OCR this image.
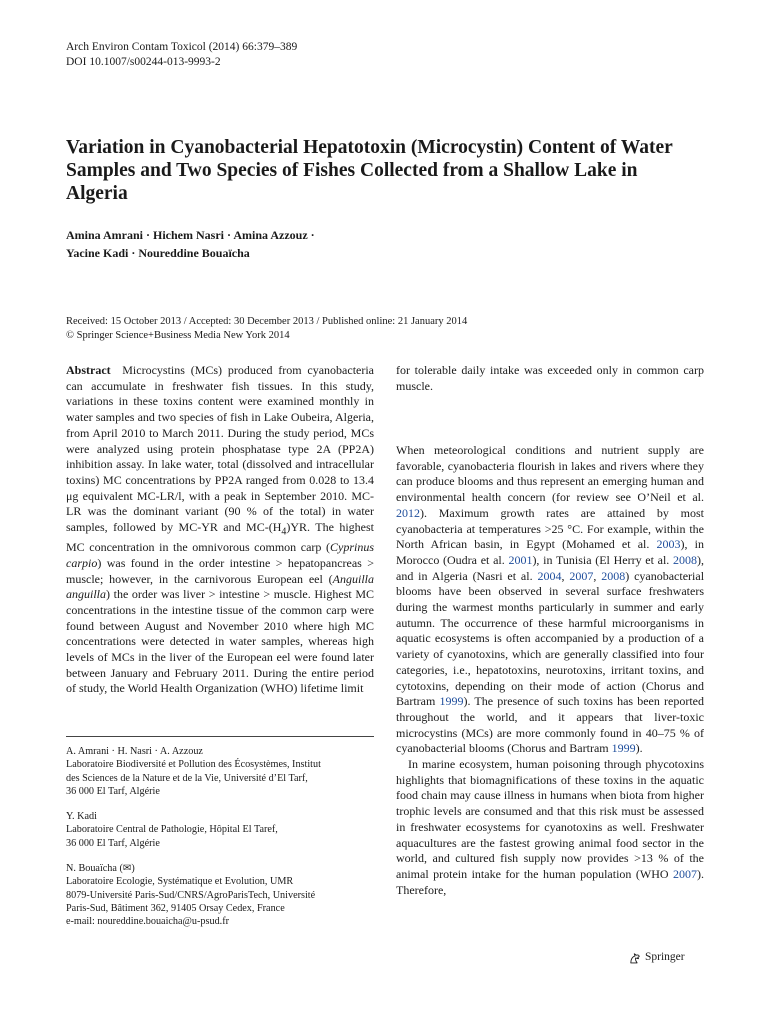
Arch Environ Contam Toxicol (2014) 66:379–389
DOI 10.1007/s00244-013-9993-2
Variation in Cyanobacterial Hepatotoxin (Microcystin) Content of Water Samples and Two Species of Fishes Collected from a Shallow Lake in Algeria
Amina Amrani · Hichem Nasri · Amina Azzouz ·
Yacine Kadi · Noureddine Bouaïcha
Received: 15 October 2013 / Accepted: 30 December 2013 / Published online: 21 January 2014
© Springer Science+Business Media New York 2014
Abstract Microcystins (MCs) produced from cyanobacteria can accumulate in freshwater fish tissues. In this study, variations in these toxins content were examined monthly in water samples and two species of fish in Lake Oubeira, Algeria, from April 2010 to March 2011. During the study period, MCs were analyzed using protein phosphatase type 2A (PP2A) inhibition assay. In lake water, total (dissolved and intracellular toxins) MC concentrations by PP2A ranged from 0.028 to 13.4 μg equivalent MC-LR/l, with a peak in September 2010. MC-LR was the dominant variant (90 % of the total) in water samples, followed by MC-YR and $MC-(H_4)YR$. The highest MC concentration in the omnivorous common carp (Cyprinus carpio) was found in the order intestine > hepatopancreas > muscle; however, in the carnivorous European eel (Anguilla anguilla) the order was liver > intestine > muscle. Highest MC concentrations in the intestine tissue of the common carp were found between August and November 2010 where high MC concentrations were detected in water samples, whereas high levels of MCs in the liver of the European eel were found later between January and February 2011. During the entire period of study, the World Health Organization (WHO) lifetime limit
for tolerable daily intake was exceeded only in common carp muscle.

When meteorological conditions and nutrient supply are favorable, cyanobacteria flourish in lakes and rivers where they can produce blooms and thus represent an emerging human and environmental health concern (for review see O’Neil et al. 2012). Maximum growth rates are attained by most cyanobacteria at temperatures >25 °C. For example, within the North African basin, in Egypt (Mohamed et al. 2003), in Morocco (Oudra et al. 2001), in Tunisia (El Herry et al. 2008), and in Algeria (Nasri et al. 2004, 2007, 2008) cyanobacterial blooms have been observed in several surface freshwaters during the warmest months particularly in summer and early autumn. The occurrence of these harmful microorganisms in aquatic ecosystems is often accompanied by a production of a variety of cyanotoxins, which are generally classified into four categories, i.e., hepatotoxins, neurotoxins, irritant toxins, and cytotoxins, depending on their mode of action (Chorus and Bartram 1999). The presence of such toxins has been reported throughout the world, and it appears that liver-toxic microcystins (MCs) are more commonly found in 40–75 % of cyanobacterial blooms (Chorus and Bartram 1999).

In marine ecosystem, human poisoning through phycotoxins highlights that biomagnifications of these toxins in the aquatic food chain may cause illness in humans when biota from higher trophic levels are consumed and that this risk must be assessed in freshwater ecosystems for cyanotoxins as well. Freshwater aquacultures are the fastest growing animal food sector in the world, and cultured fish supply now provides >13 % of the animal protein intake for the human population (WHO 2007). Therefore,

A. Amrani · H. Nasri · A. Azzouz
Laboratoire Biodiversité et Pollution des Écosystèmes, Institut
des Sciences de la Nature et de la Vie, Université d’El Tarf,
36 000 El Tarf, Algérie
Y. Kadi
Laboratoire Central de Pathologie, Hôpital El Taref,
36 000 El Tarf, Algérie
N. Bouaïcha (✉)
Laboratoire Ecologie, Systématique et Evolution, UMR
8079-Université Paris-Sud/CNRS/AgroParisTech, Université
Paris-Sud, Bâtiment 362, 91405 Orsay Cedex, France
e-mail: noureddine.bouaicha@u-psud.fr
Springer
